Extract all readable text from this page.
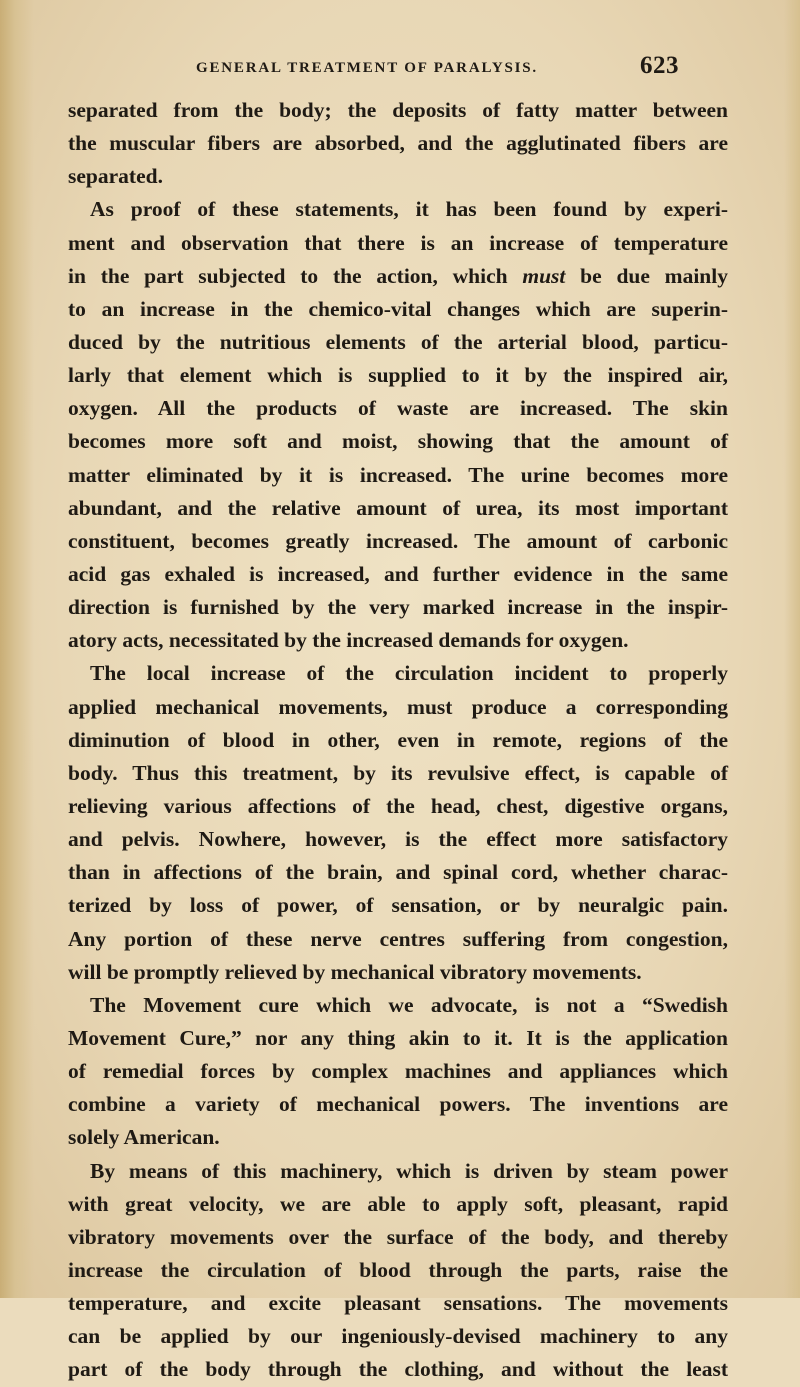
GENERAL TREATMENT OF PARALYSIS.	623
separated from the body; the deposits of fatty matter between
the muscular fibers are absorbed, and the agglutinated fibers are
separated.
As proof of these statements, it has been found by experi-
ment and observation that there is an increase of temperature
in the part subjected to the action, which must be due mainly
to an increase in the chemico-vital changes which are superin-
duced by the nutritious elements of the arterial blood, particu-
larly that element which is supplied to it by the inspired air,
oxygen. All the products of waste are increased. The skin
becomes more soft and moist, showing that the amount of
matter eliminated by it is increased. The urine becomes more
abundant, and the relative amount of urea, its most important
constituent, becomes greatly increased. The amount of carbonic
acid gas exhaled is increased, and further evidence in the same
direction is furnished by the very marked increase in the inspir-
atory acts, necessitated by the increased demands for oxygen.
The local increase of the circulation incident to properly
applied mechanical movements, must produce a corresponding
diminution of blood in other, even in remote, regions of the
body. Thus this treatment, by its revulsive effect, is capable of
relieving various affections of the head, chest, digestive organs,
and pelvis. Nowhere, however, is the effect more satisfactory
than in affections of the brain, and spinal cord, whether charac-
terized by loss of power, of sensation, or by neuralgic pain.
Any portion of these nerve centres suffering from congestion,
will be promptly relieved by mechanical vibratory movements.
The Movement cure which we advocate, is not a “Swedish
Movement Cure,” nor any thing akin to it. It is the application
of remedial forces by complex machines and appliances which
combine a variety of mechanical powers. The inventions are
solely American.
By means of this machinery, which is driven by steam power
with great velocity, we are able to apply soft, pleasant, rapid
vibratory movements over the surface of the body, and thereby
increase the circulation of blood through the parts, raise the
temperature, and excite pleasant sensations. The movements
can be applied by our ingeniously-devised machinery to any
part of the body through the clothing, and without the least
